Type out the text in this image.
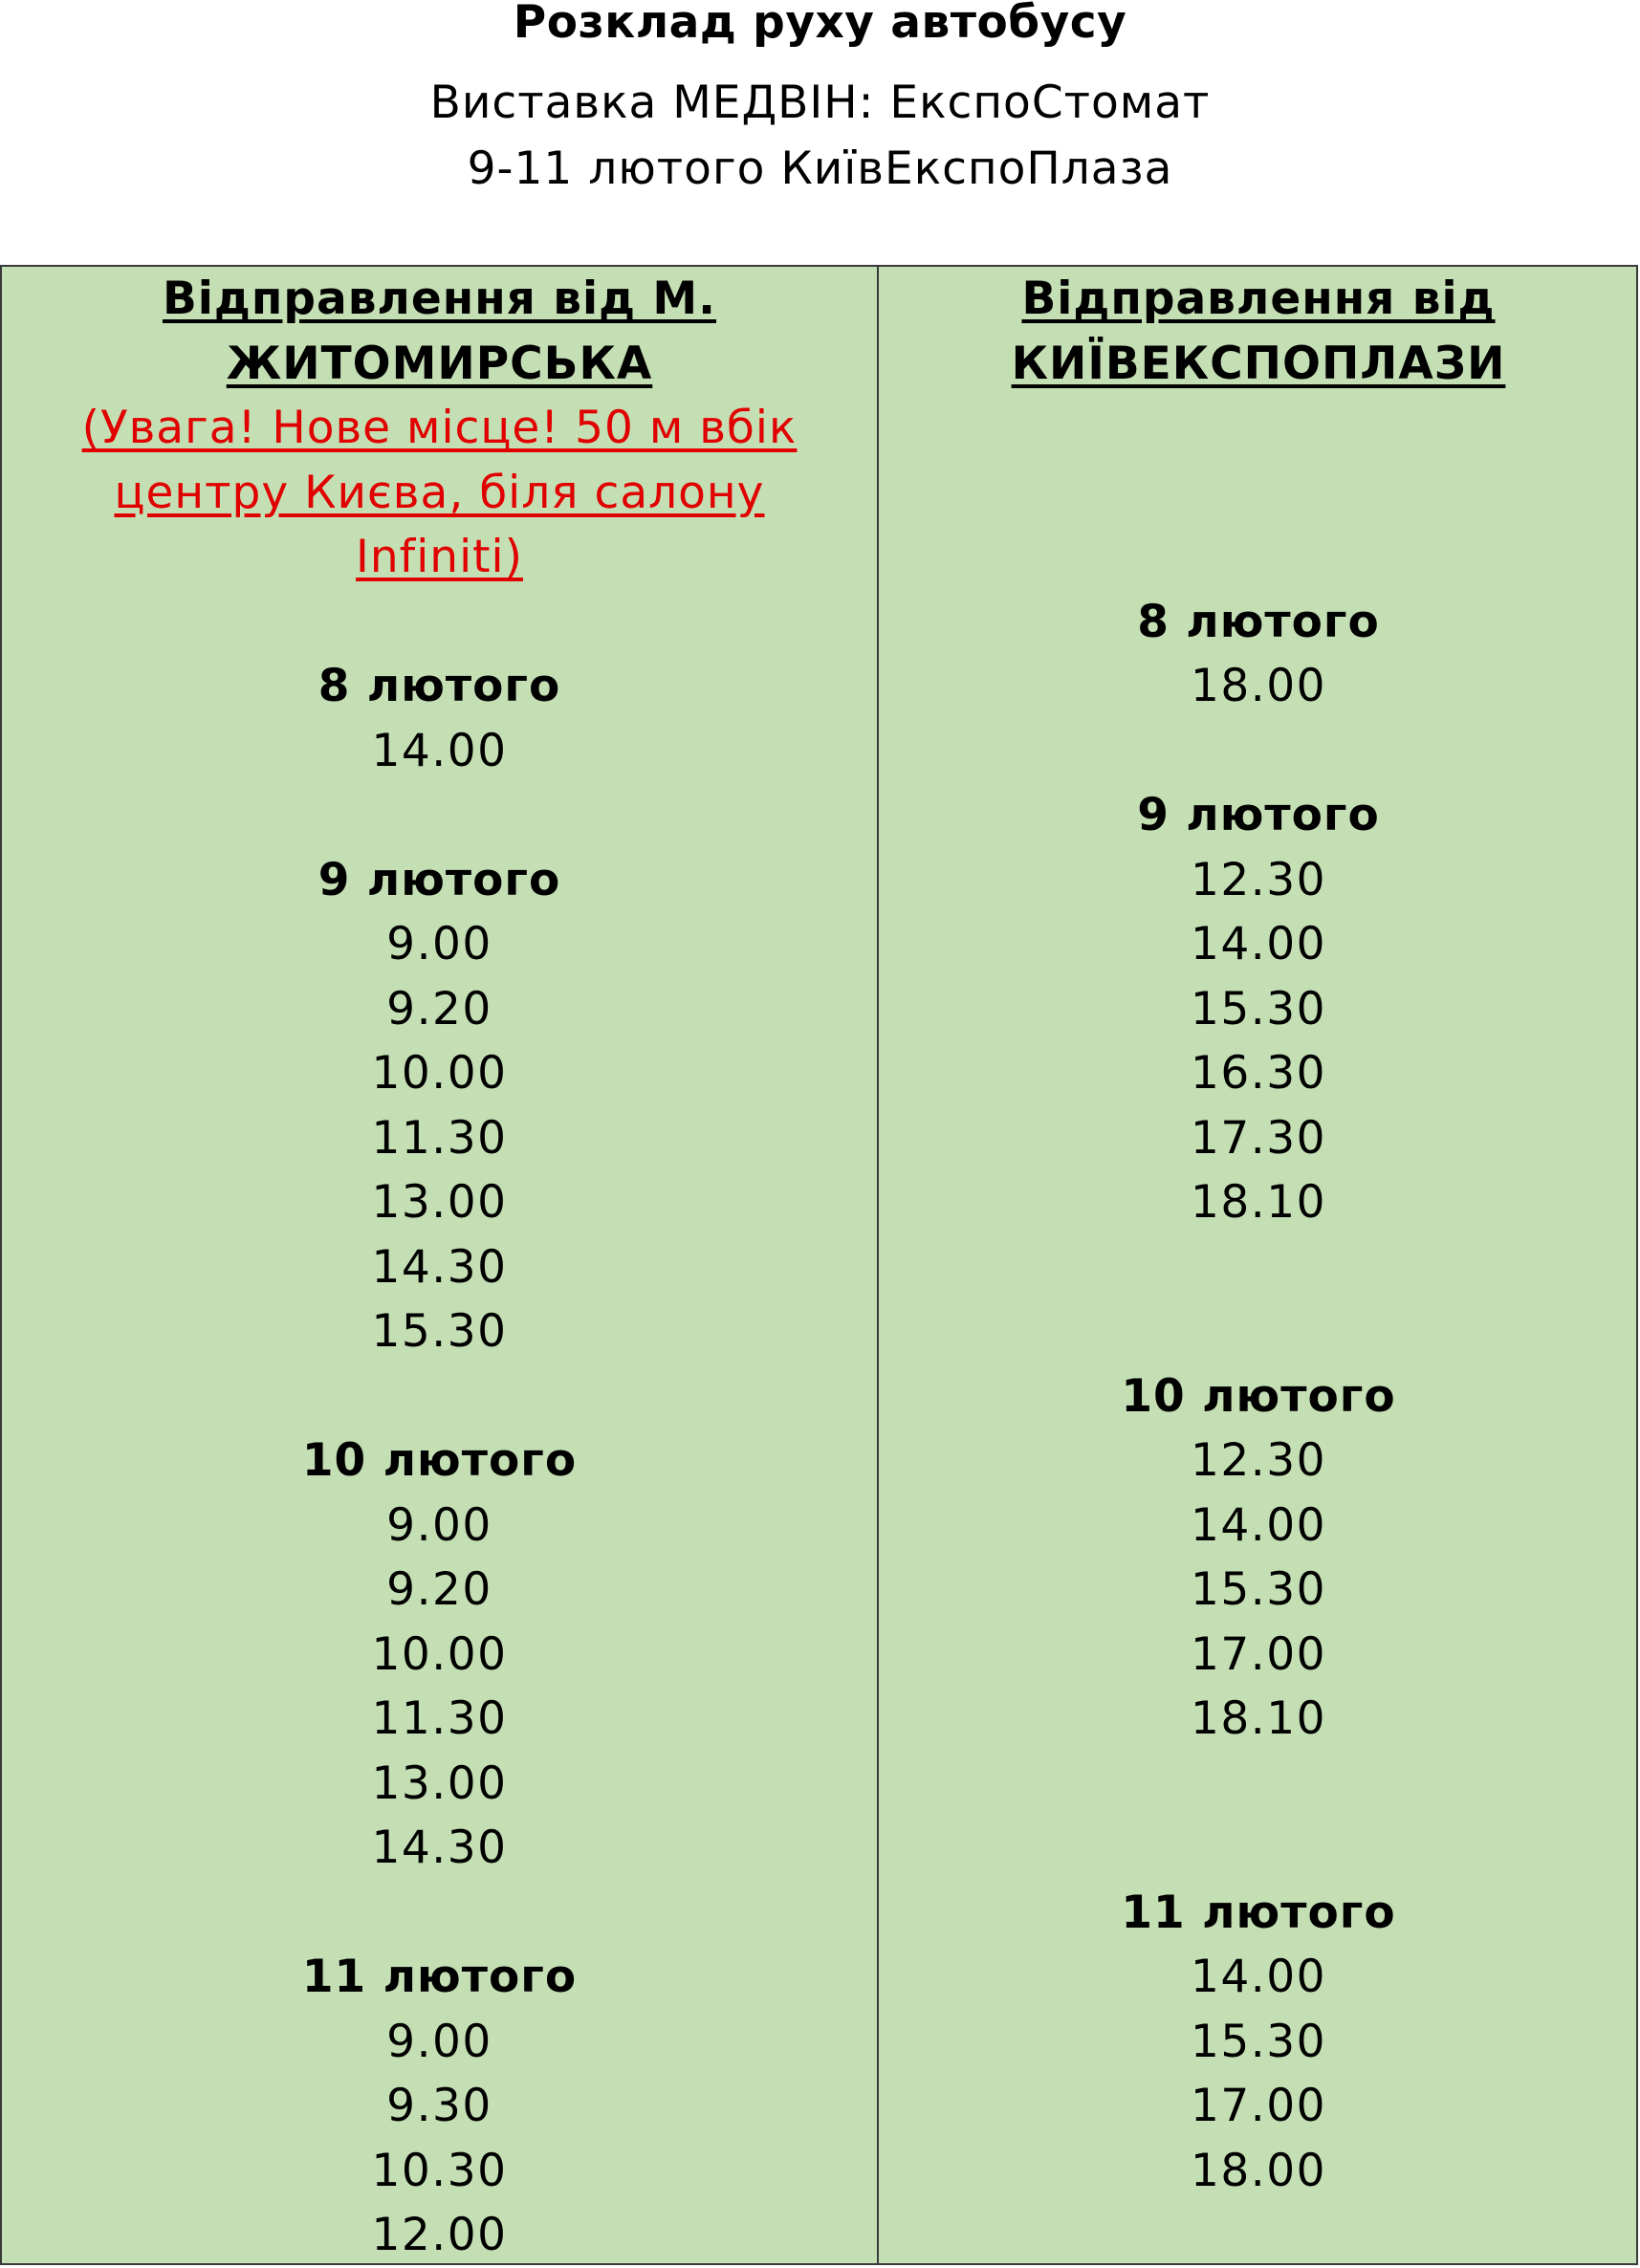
Розклад руху автобусу
Виставка МЕДВІН: ЕкспоСтомат
9-11 лютого КиївЕкспоПлаза
Відправлення від М.
ЖИТОМИРСЬКА
(Увага! Нове місце! 50 м вбік
центру Києва, біля салону
Infiniti)
8 лютого
14.00
9 лютого
9.00
9.20
10.00
11.30
13.00
14.30
15.30
10 лютого
9.00
9.20
10.00
11.30
13.00
14.30
11 лютого
9.00
9.30
10.30
12.00
Відправлення від
КИЇВЕКСПОПЛАЗИ
8 лютого
18.00
9 лютого
12.30
14.00
15.30
16.30
17.30
18.10
10 лютого
12.30
14.00
15.30
17.00
18.10
11 лютого
14.00
15.30
17.00
18.00
